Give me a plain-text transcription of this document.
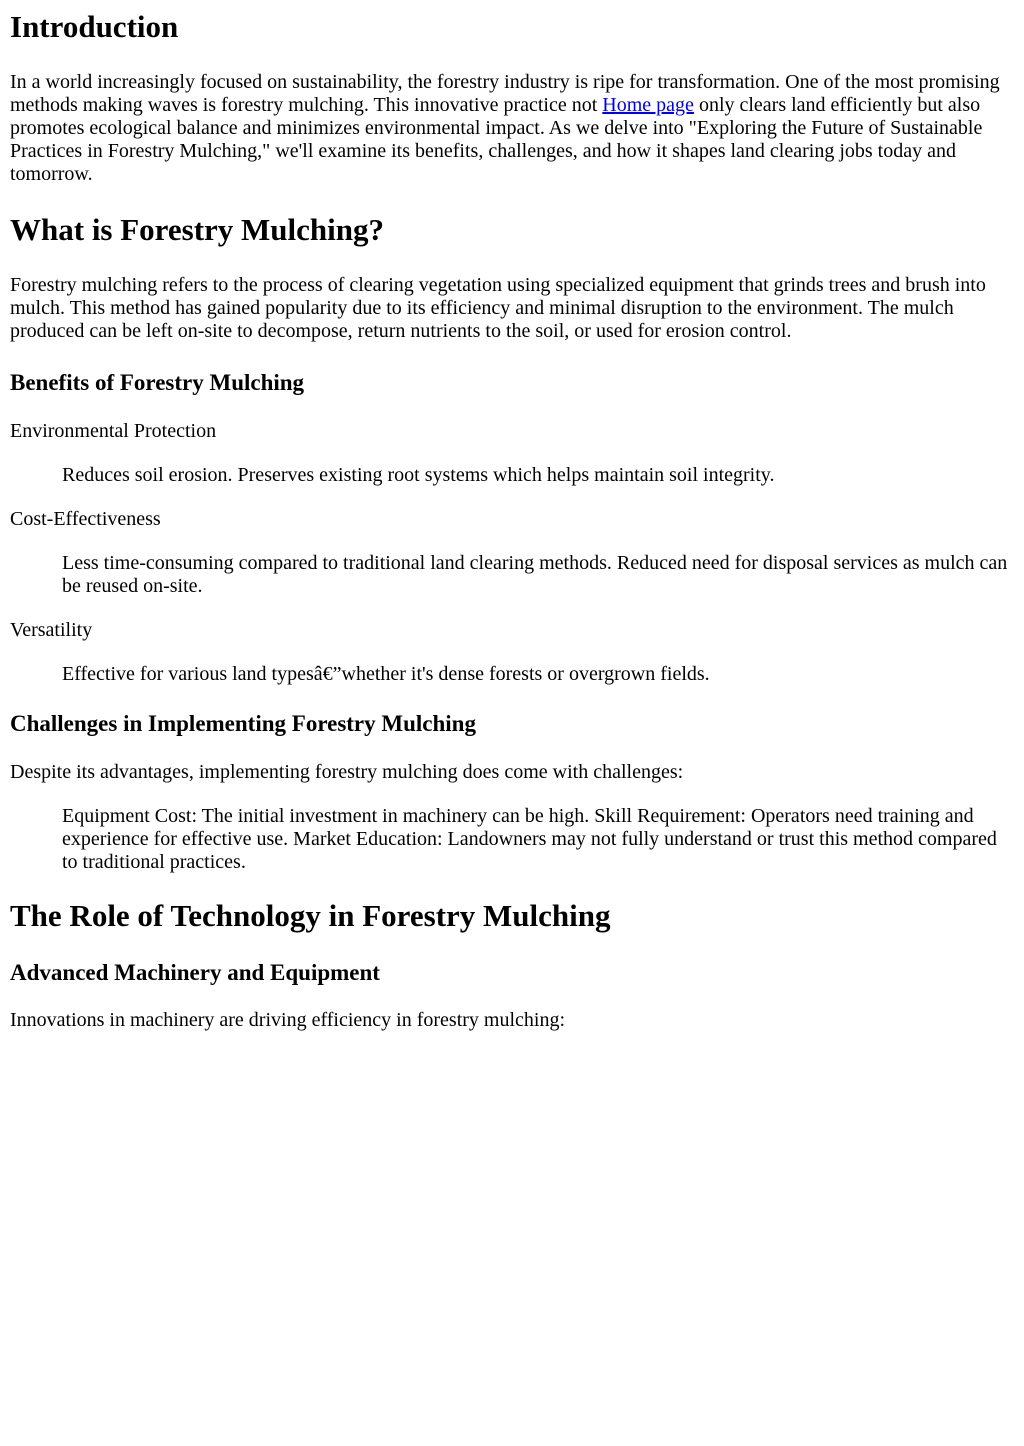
Introduction

In a world increasingly focused on sustainability, the forestry industry is ripe for transformation. One of the most promising methods making waves is forestry mulching. This innovative practice not Home page only clears land efficiently but also promotes ecological balance and minimizes environmental impact. As we delve into "Exploring the Future of Sustainable Practices in Forestry Mulching," we'll examine its benefits, challenges, and how it shapes land clearing jobs today and tomorrow.

What is Forestry Mulching?

Forestry mulching refers to the process of clearing vegetation using specialized equipment that grinds trees and brush into mulch. This method has gained popularity due to its efficiency and minimal disruption to the environment. The mulch produced can be left on-site to decompose, return nutrients to the soil, or used for erosion control.

Benefits of Forestry Mulching

Environmental Protection

Reduces soil erosion. Preserves existing root systems which helps maintain soil integrity.

Cost-Effectiveness

Less time-consuming compared to traditional land clearing methods. Reduced need for disposal services as mulch can be reused on-site.

Versatility

Effective for various land typesâ€”whether it's dense forests or overgrown fields.

Challenges in Implementing Forestry Mulching

Despite its advantages, implementing forestry mulching does come with challenges:

Equipment Cost: The initial investment in machinery can be high. Skill Requirement: Operators need training and experience for effective use. Market Education: Landowners may not fully understand or trust this method compared to traditional practices.

The Role of Technology in Forestry Mulching
Advanced Machinery and Equipment

Innovations in machinery are driving efficiency in forestry mulching:
